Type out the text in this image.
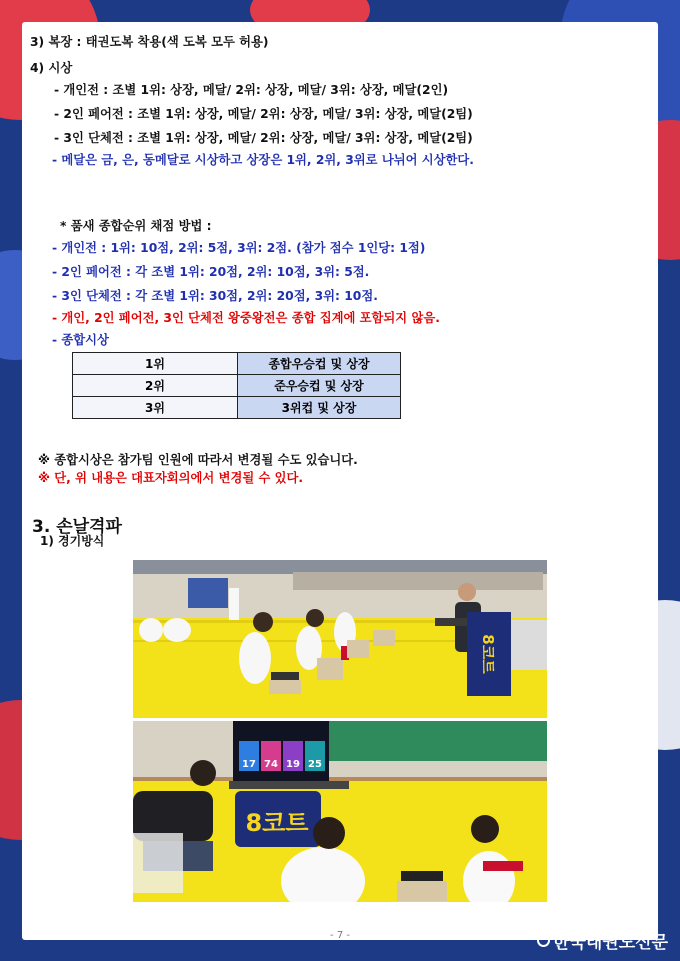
3) 복장 : 태권도복 착용(색 도복 모두 허용)
4) 시상
- 개인전 : 조별 1위: 상장, 메달/ 2위: 상장, 메달/ 3위: 상장, 메달(2인)
- 2인 페어전 : 조별 1위: 상장, 메달/ 2위: 상장, 메달/ 3위: 상장, 메달(2팀)
- 3인 단체전 : 조별 1위: 상장, 메달/ 2위: 상장, 메달/ 3위: 상장, 메달(2팀)
- 메달은 금, 은, 동메달로 시상하고 상장은 1위, 2위, 3위로 나뉘어 시상한다.
* 품새 종합순위 채점 방법 :
- 개인전 : 1위: 10점, 2위: 5점, 3위: 2점. (참가 점수 1인당: 1점)
- 2인 페어전 : 각 조별 1위: 20점, 2위: 10점, 3위: 5점.
- 3인 단체전 : 각 조별 1위: 30점, 2위: 20점, 3위: 10점.
- 개인, 2인 페어전, 3인 단체전 왕중왕전은 종합 집계에 포함되지 않음.
- 종합시상
1위	종합우승컵 및 상장
2위	준우승컵 및 상장
3위	3위컵 및 상장
※ 종합시상은 참가팀 인원에 따라서 변경될 수도 있습니다.
※ 단, 위 내용은 대표자회의에서 변경될 수 있다.
3. 손날격파
1) 경기방식
8코트
17 74 19 25
8코트
- 7 -	한국태권도신문
